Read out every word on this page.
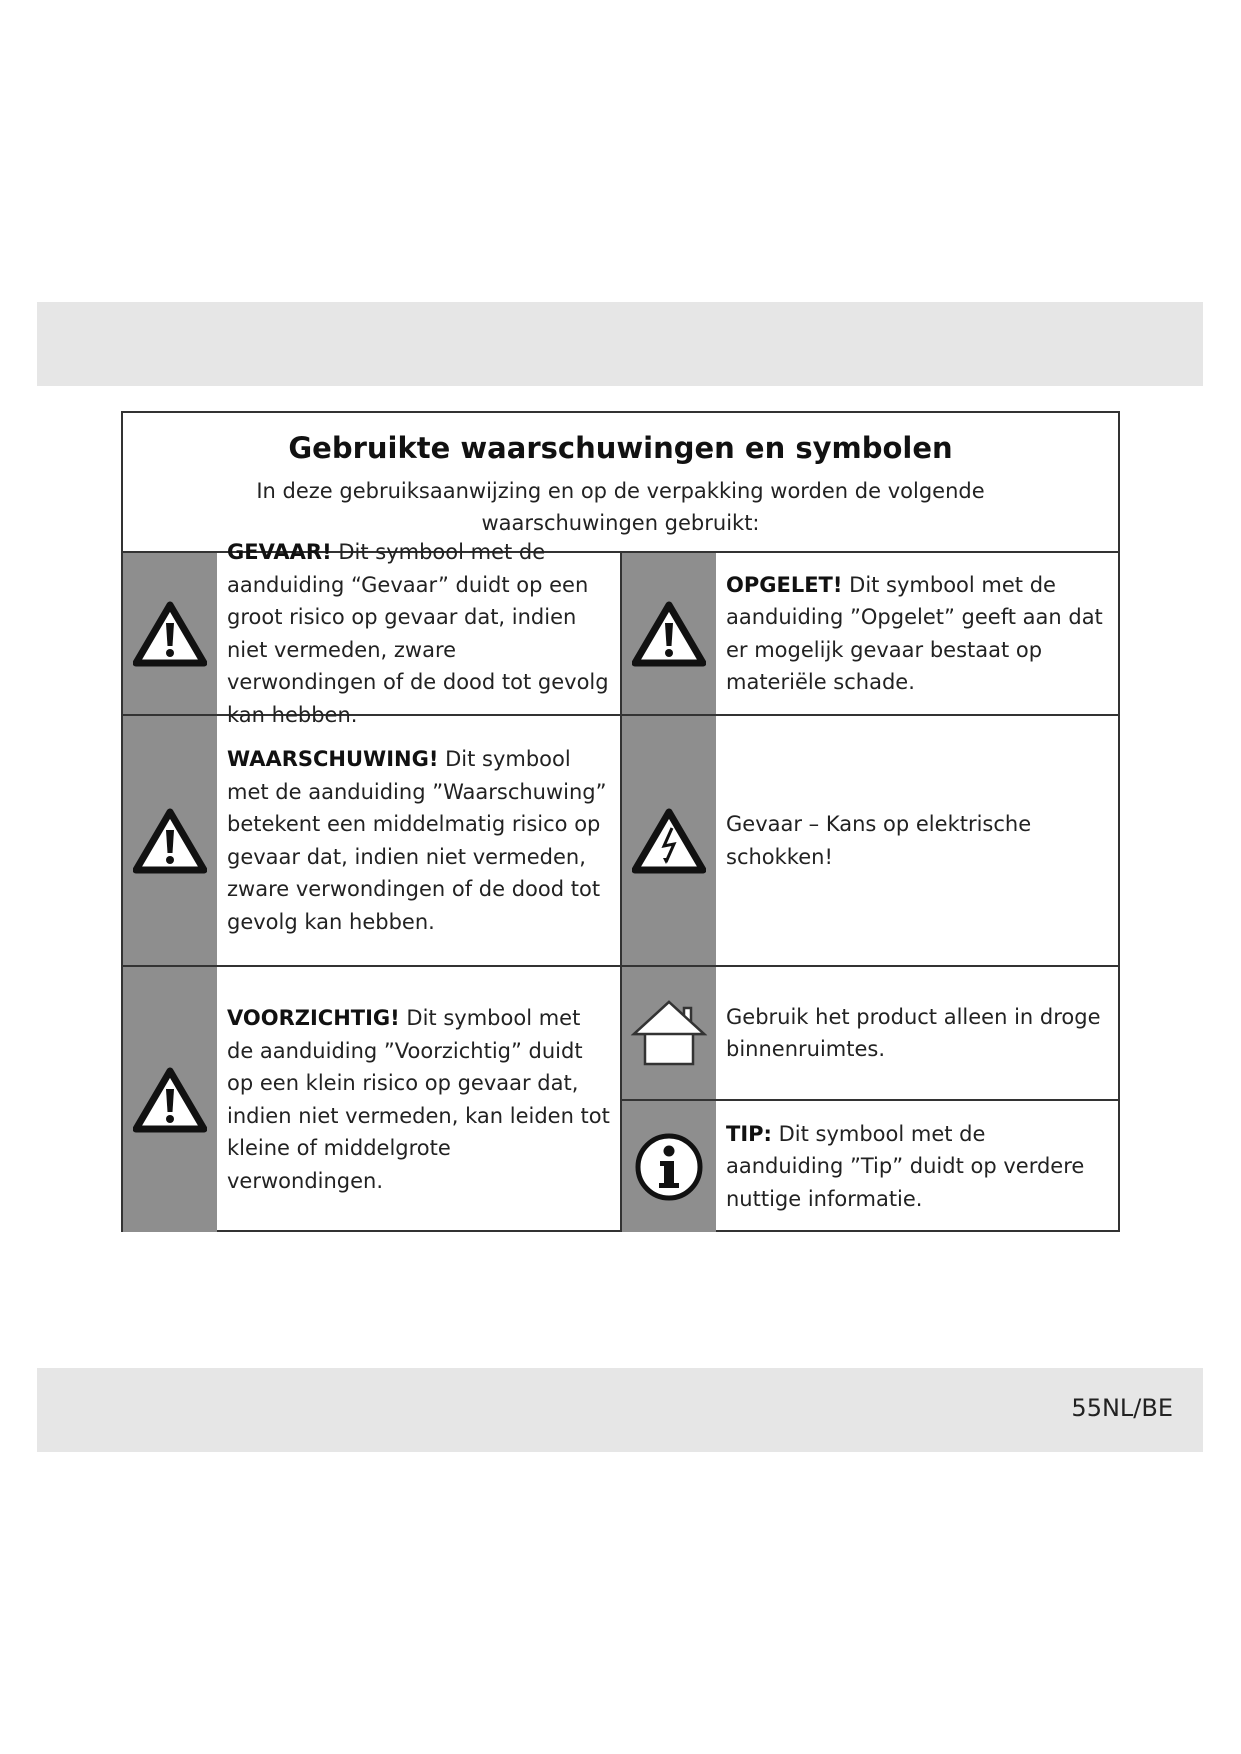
Gebruikte waarschuwingen en symbolen
In deze gebruiksaanwijzing en op de verpakking worden de volgende waarschuwingen gebruikt:
GEVAAR! Dit symbool met de aanduiding “Gevaar” duidt op een groot risico op gevaar dat, indien niet vermeden, zware verwondingen of de dood tot gevolg kan hebben.
OPGELET! Dit symbool met de aanduiding ”Opgelet” geeft aan dat er mogelijk gevaar bestaat op materiële schade.
WAARSCHUWING! Dit symbool met de aanduiding ”Waarschuwing” betekent een middelmatig risico op gevaar dat, indien niet vermeden, zware verwondingen of de dood tot gevolg kan hebben.
Gevaar – Kans op elektrische schokken!
VOORZICHTIG! Dit symbool met de aanduiding ”Voorzichtig” duidt op een klein risico op gevaar dat, indien niet vermeden, kan leiden tot kleine of middelgrote verwondingen.
Gebruik het product alleen in droge binnenruimtes.
TIP: Dit symbool met de aanduiding ”Tip” duidt op verdere nuttige informatie.
55NL/BE
